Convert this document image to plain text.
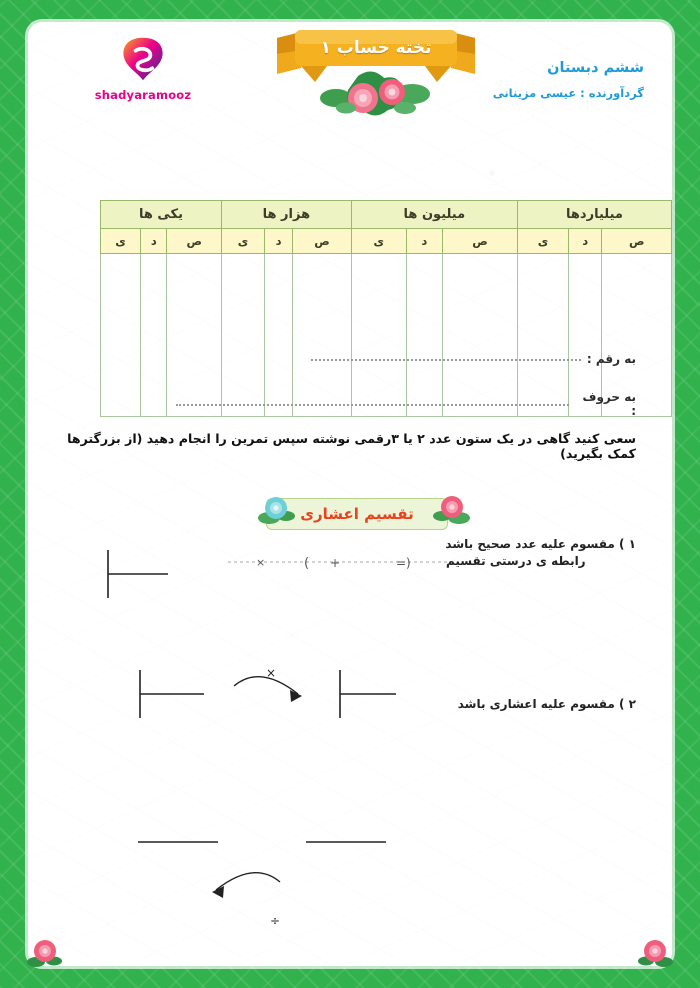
shadyaramooz
تخته حساب ۱
ششم دبستان
گردآورنده : عیسی مزینانی
میلیاردها			میلیون ها			هزار ها			یکی ها		
ص	د	ی	ص	د	ی	ص	د	ی	ص	د	ی

به رقم :
به حروف :
سعی کنید گاهی در یک ستون عدد ۲ یا ۳رقمی نوشته سپس تمرین را انجام دهید (از بزرگترها کمک بگیرید)
تقسیم اعشاری
۱ ) مقسوم علیه عدد صحیح باشد
۲ ) مقسوم علیه اعشاری باشد
×	( +	=)
×
÷
رابطه ی درستی تقسیم
